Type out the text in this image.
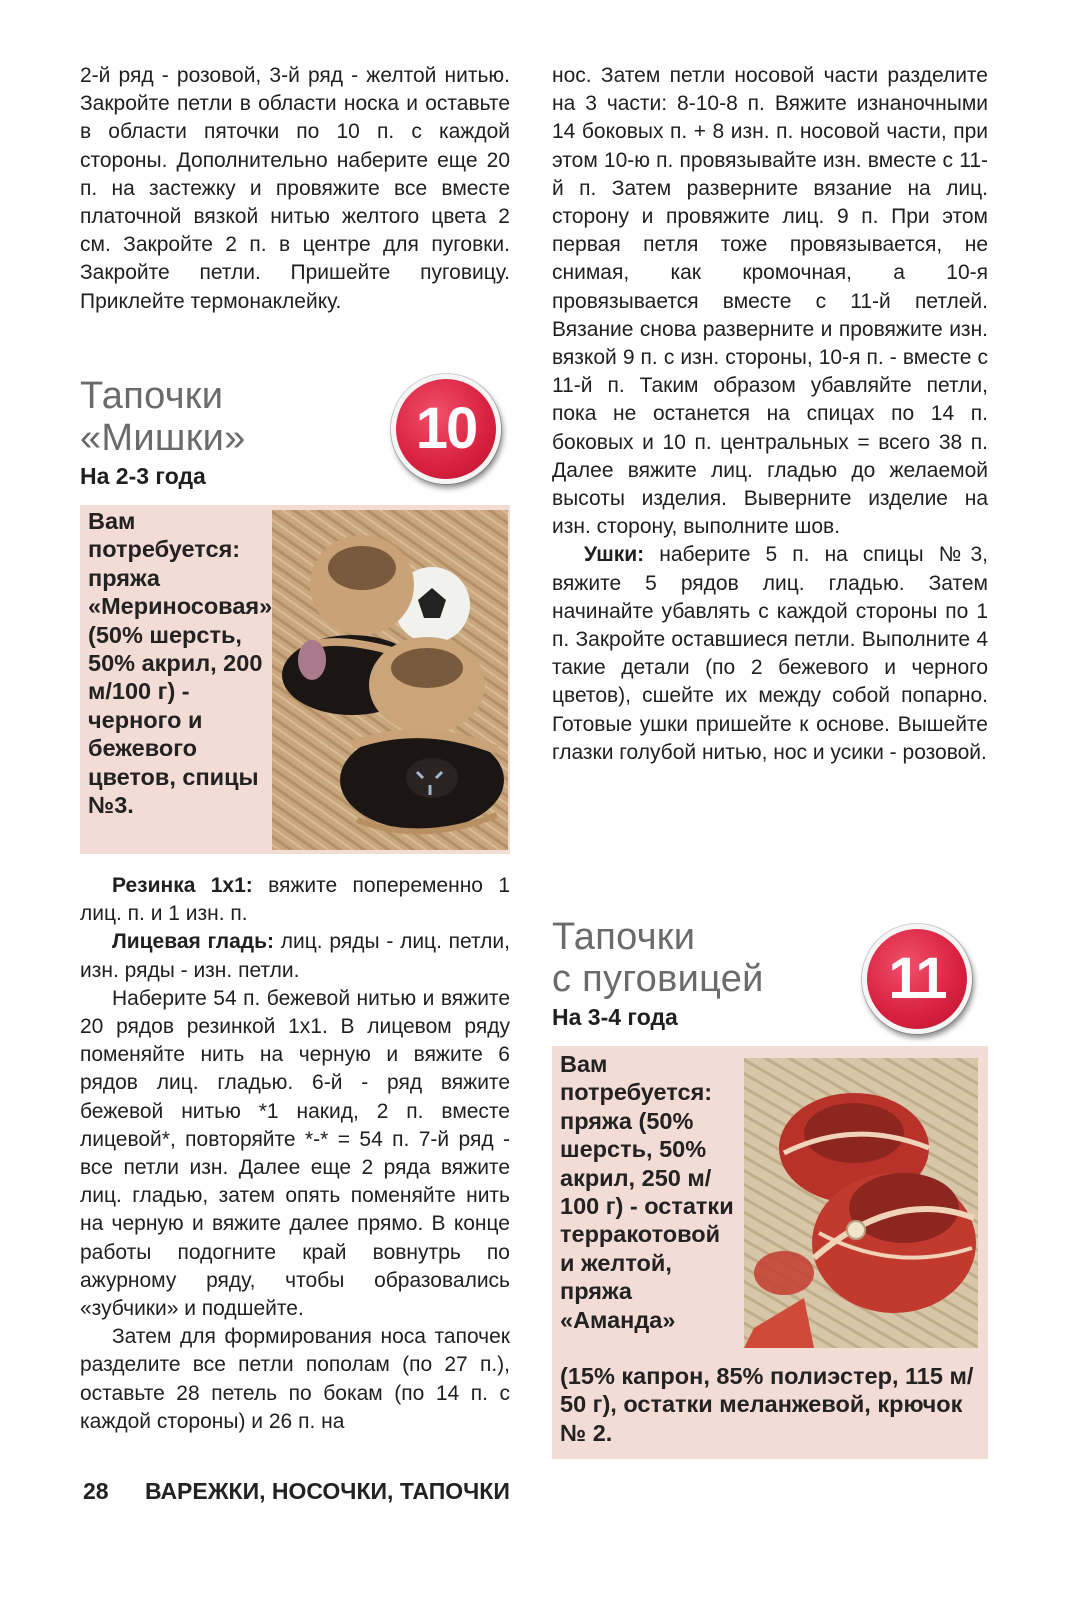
2-й ряд - розовой, 3-й ряд - желтой нитью. Закройте петли в области носка и оставьте в области пяточки по 10 п. с каждой стороны. Дополнительно наберите еще 20 п. на застежку и провяжите все вместе платочной вязкой нитью желтого цвета 2 см. Закройте 2 п. в центре для пуговки. Закройте петли. Пришейте пуговицу. Приклейте термонаклейку.

Тапочки
«Мишки»
На 2-3 года
10
Вам потребуется: пряжа «Мериносовая» (50% шерсть, 50% акрил, 200 м/100 г) - черного и бежевого цветов, спицы №3.

Резинка 1х1: вяжите попеременно 1 лиц. п. и 1 изн. п.

Лицевая гладь: лиц. ряды - лиц. петли, изн. ряды - изн. петли.

Наберите 54 п. бежевой нитью и вяжите 20 рядов резинкой 1х1. В лицевом ряду поменяйте нить на черную и вяжите 6 рядов лиц. гладью. 6-й - ряд вяжите бежевой нитью *1 накид, 2 п. вместе лицевой*, повторяйте *-* = 54 п. 7-й ряд - все петли изн. Далее еще 2 ряда вяжите лиц. гладью, затем опять поменяйте нить на черную и вяжите далее прямо. В конце работы подогните край вовнутрь по ажурному ряду, чтобы образовались «зубчики» и подшейте.

Затем для формирования носа тапочек разделите все петли пополам (по 27 п.), оставьте 28 петель по бокам (по 14 п. с каждой стороны) и 26 п. на

нос. Затем петли носовой части разделите на 3 части: 8-10-8 п. Вяжите изнаночными 14 боковых п. + 8 изн. п. носовой части, при этом 10-ю п. провязывайте изн. вместе с 11-й п. Затем разверните вязание на лиц. сторону и провяжите лиц. 9 п. При этом первая петля тоже провязывается, не снимая, как кромочная, а 10-я провязывается вместе с 11-й петлей. Вязание снова разверните и провяжите изн. вязкой 9 п. с изн. стороны, 10-я п. - вместе с 11-й п. Таким образом убавляйте петли, пока не останется на спицах по 14 п. боковых и 10 п. центральных = всего 38 п. Далее вяжите лиц. гладью до желаемой высоты изделия. Выверните изделие на изн. сторону, выполните шов.

Ушки: наберите 5 п. на спицы №3, вяжите 5 рядов лиц. гладью. Затем начинайте убавлять с каждой стороны по 1 п. Закройте оставшиеся петли. Выполните 4 такие детали (по 2 бежевого и черного цветов), сшейте их между собой попарно. Готовые ушки пришейте к основе. Вышейте глазки голубой нитью, нос и усики - розовой.

Тапочки
с пуговицей
На 3-4 года
11
Вам потребуется: пряжа (50% шерсть, 50% акрил, 250 м/ 100 г) - остатки терракотовой и желтой, пряжа «Аманда»
(15% капрон, 85% полиэстер, 115 м/ 50 г), остатки меланжевой, крючок № 2.
28 ВАРЕЖКИ, НОСОЧКИ, ТАПОЧКИ
